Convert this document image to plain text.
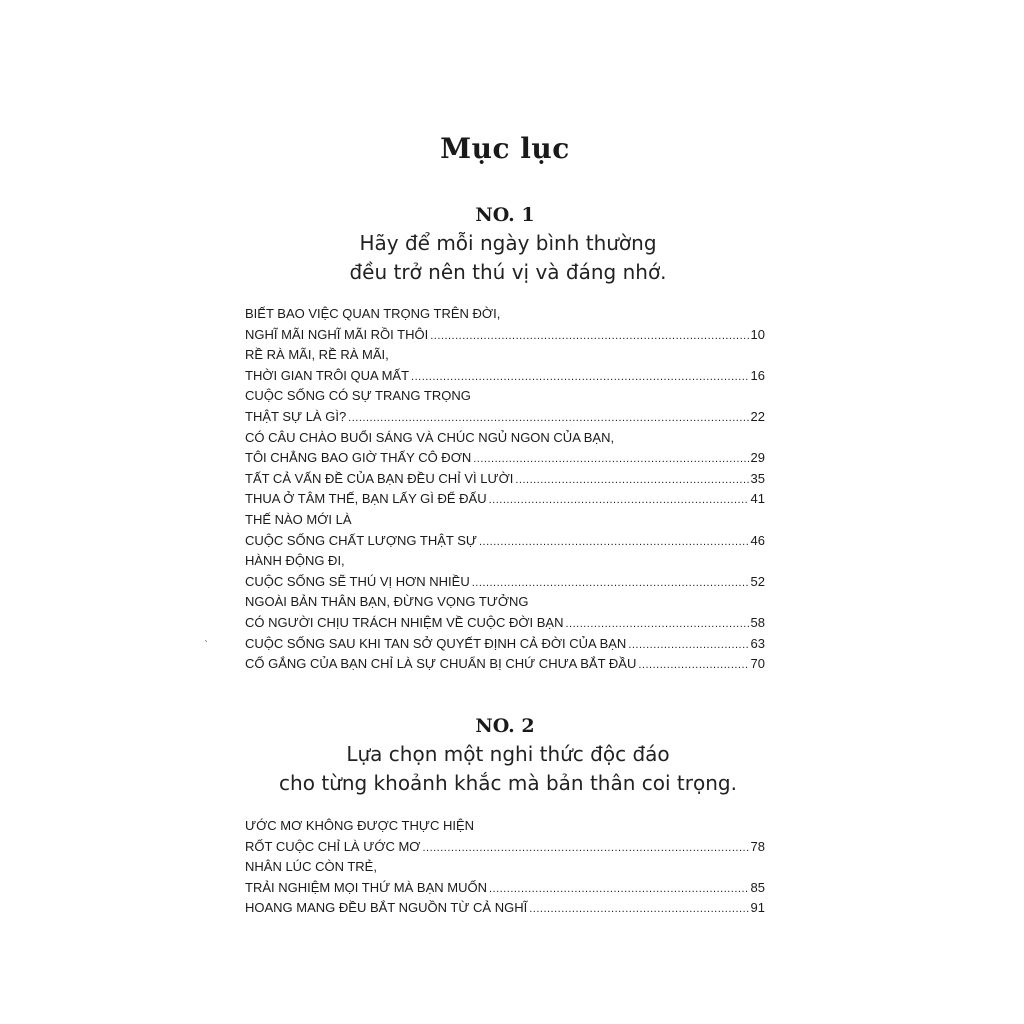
Mục lục
NO. 1
Hãy để mỗi ngày bình thường
đều trở nên thú vị và đáng nhớ.
BIẾT BAO VIỆC QUAN TRỌNG TRÊN ĐỜI,
NGHĨ MÃI NGHĨ MÃI RỒI THÔI .....	10
RỀ RÀ MÃI, RỀ RÀ MÃI,
THỜI GIAN TRÔI QUA MẤT .....	16
CUỘC SỐNG CÓ SỰ TRANG TRỌNG
THẬT SỰ LÀ GÌ? .....	22
CÓ CÂU CHÀO BUỔI SÁNG VÀ CHÚC NGỦ NGON CỦA BẠN,
TÔI CHẲNG BAO GIỜ THẤY CÔ ĐƠN .....	29
TẤT CẢ VẤN ĐỀ CỦA BẠN ĐỀU CHỈ VÌ LƯỜI .....	35
THUA Ở TÂM THẾ, BẠN LẤY GÌ ĐỂ ĐẤU .....	41
THẾ NÀO MỚI LÀ
CUỘC SỐNG CHẤT LƯỢNG THẬT SỰ .....	46
HÀNH ĐỘNG ĐI,
CUỘC SỐNG SẼ THÚ VỊ HƠN NHIỀU .....	52
NGOÀI BẢN THÂN BẠN, ĐỪNG VỌNG TƯỞNG
CÓ NGƯỜI CHỊU TRÁCH NHIỆM VỀ CUỘC ĐỜI BẠN .....	58
CUỘC SỐNG SAU KHI TAN SỞ QUYẾT ĐỊNH CẢ ĐỜI CỦA BẠN .....	63
CỐ GẮNG CỦA BẠN CHỈ LÀ SỰ CHUẨN BỊ CHỨ CHƯA BẮT ĐẦU .....	70
NO. 2
Lựa chọn một nghi thức độc đáo
cho từng khoảnh khắc mà bản thân coi trọng.
ƯỚC MƠ KHÔNG ĐƯỢC THỰC HIỆN
RỐT CUỘC CHỈ LÀ ƯỚC MƠ .....	78
NHÂN LÚC CÒN TRẺ,
TRẢI NGHIỆM MỌI THỨ MÀ BẠN MUỐN .....	85
HOANG MANG ĐỀU BẮT NGUỒN TỪ CẢ NGHĨ .....	91
`
